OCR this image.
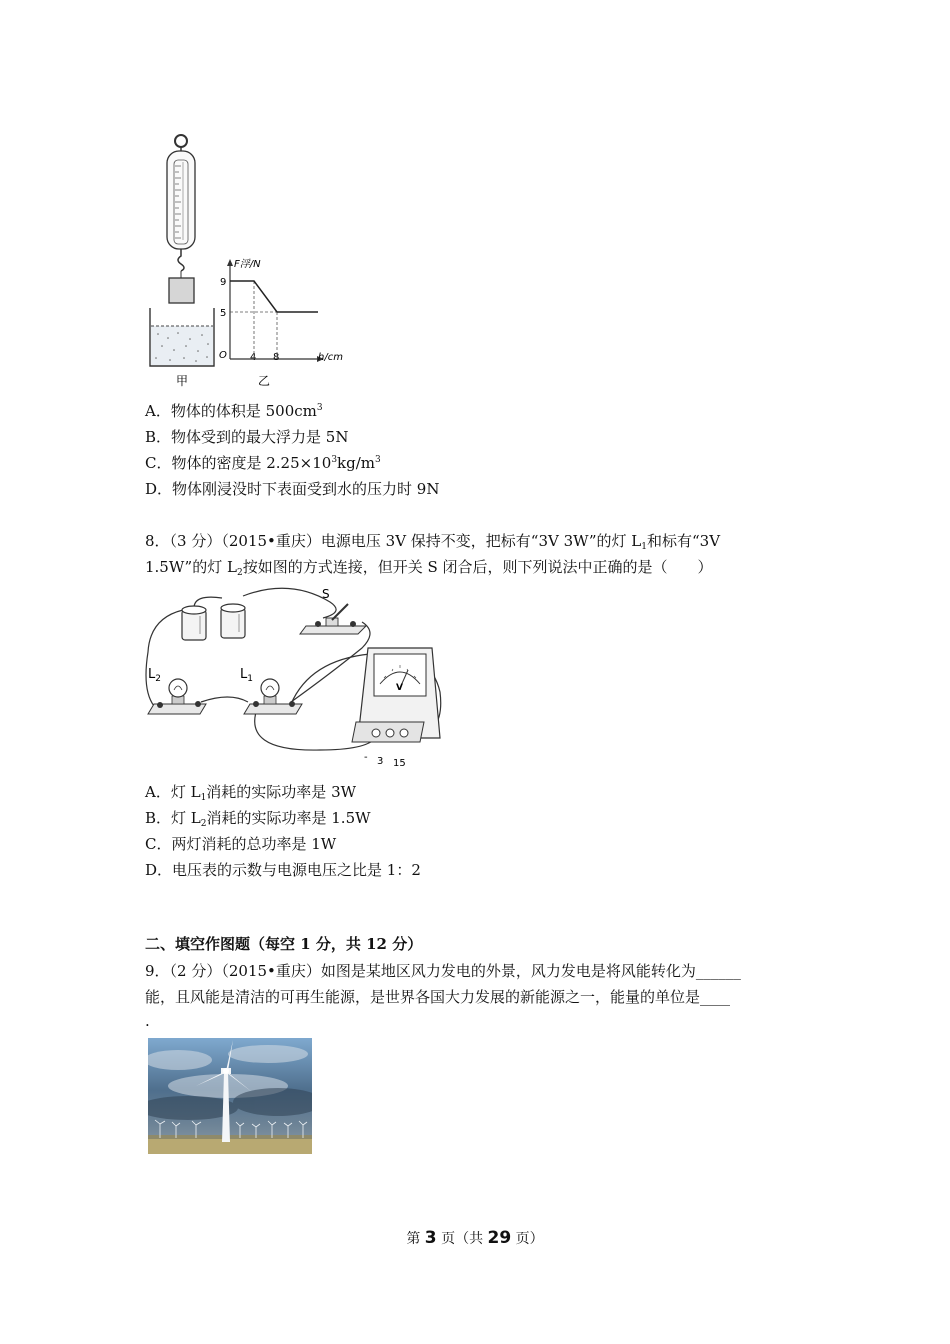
甲
F浮/N
h/cm
9
5
O 4 8
乙
A．物体的体积是 $500cm^3$
B．物体受到的最大浮力是 5N
C．物体的密度是 $2.25\times 10^3kg/m^3$
D．物体刚浸没时下表面受到水的压力时 9N
8．（3 分）（2015•重庆）电源电压 3V 保持不变，把标有“3V 3W”的灯 $L_1$和标有“3V
1.5W”的灯 $L_2$按如图的方式连接，但开关 S 闭合后，则下列说法中正确的是（　　）
S
$L_2$	$L_1$
V
- 3 15
A．灯 $L_1$消耗的实际功率是 3W
B．灯 $L_2$消耗的实际功率是 1.5W
C．两灯消耗的总功率是 1W
D．电压表的示数与电源电压之比是 1：2
二、填空作图题（每空 1 分，共 12 分）
9．（2 分）（2015•重庆）如图是某地区风力发电的外景，风力发电是将风能转化为______
能，且风能是清洁的可再生能源，是世界各国大力发展的新能源之一，能量的单位是____
.
第 3 页（共 29 页）
